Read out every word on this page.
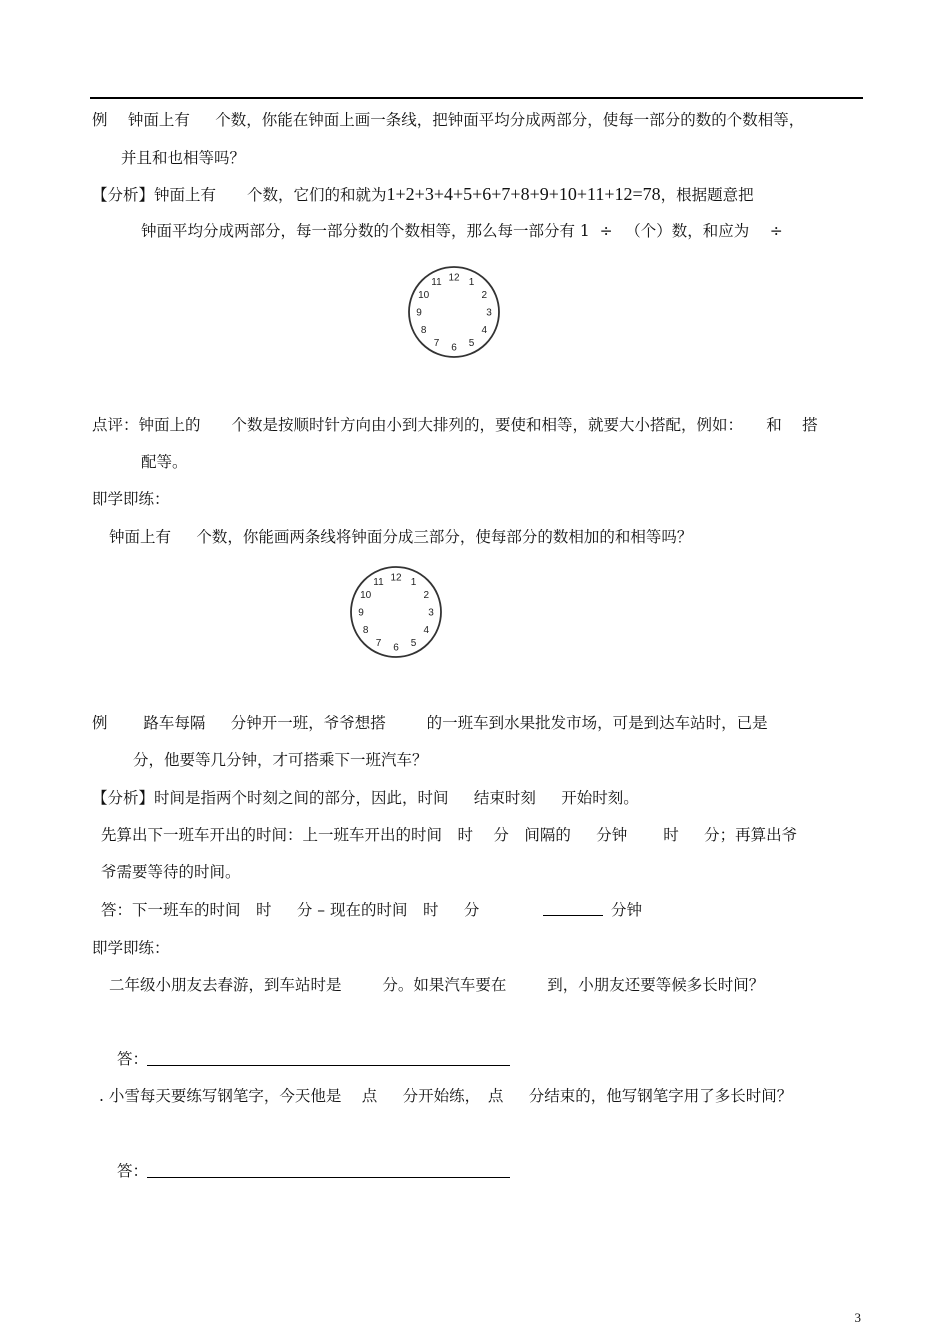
例　 钟面上有 　 个数，你能在钟面上画一条线，把钟面平均分成两部分，使每一部分的数的个数相等，
并且和也相等吗？
【分析】钟面上有　　个数，它们的和就为1+2+3+4+5+6+7+8+9+10+11+12=78，根据题意把
钟面平均分成两部分，每一部分数的个数相等，那么每一部分有 1  ÷ 　（个）数，和应为　 ÷
12 1
2
3
4
5
6
7
8
9
10
11
点评：钟面上的　　个数是按顺时针方向由小到大排列的，要使和相等，就要大小搭配，例如：　　和　 搭
配等。
即学即练：
钟面上有 　 个数，你能画两条线将钟面分成三部分，使每部分的数相加的和相等吗？
12 1
2
3
4
5
6
7
8
9
10
11
例　　 路车每隔 　 分钟开一班，爷爷想搭 　　 的一班车到水果批发市场，可是到达车站时，已是
分，他要等几分钟，才可搭乘下一班汽车？
【分析】时间是指两个时刻之间的部分，因此，时间 　 结束时刻 　 开始时刻。
先算出下一班车开出的时间：上一班车开出的时间　时　 分　间隔的 　 分钟 　　时 　 分；再算出爷
爷需要等待的时间。
答：下一班车的时间　时 　 分 – 现在的时间　时 　 分	分钟
即学即练：
二年级小朋友去春游，到车站时是 　　 分。如果汽车要在 　　 到，小朋友还要等候多长时间？
答：
. 小雪每天要练写钢笔字，今天他是 　点 　 分开始练，　点 　 分结束的，他写钢笔字用了多长时间？
答：
3
